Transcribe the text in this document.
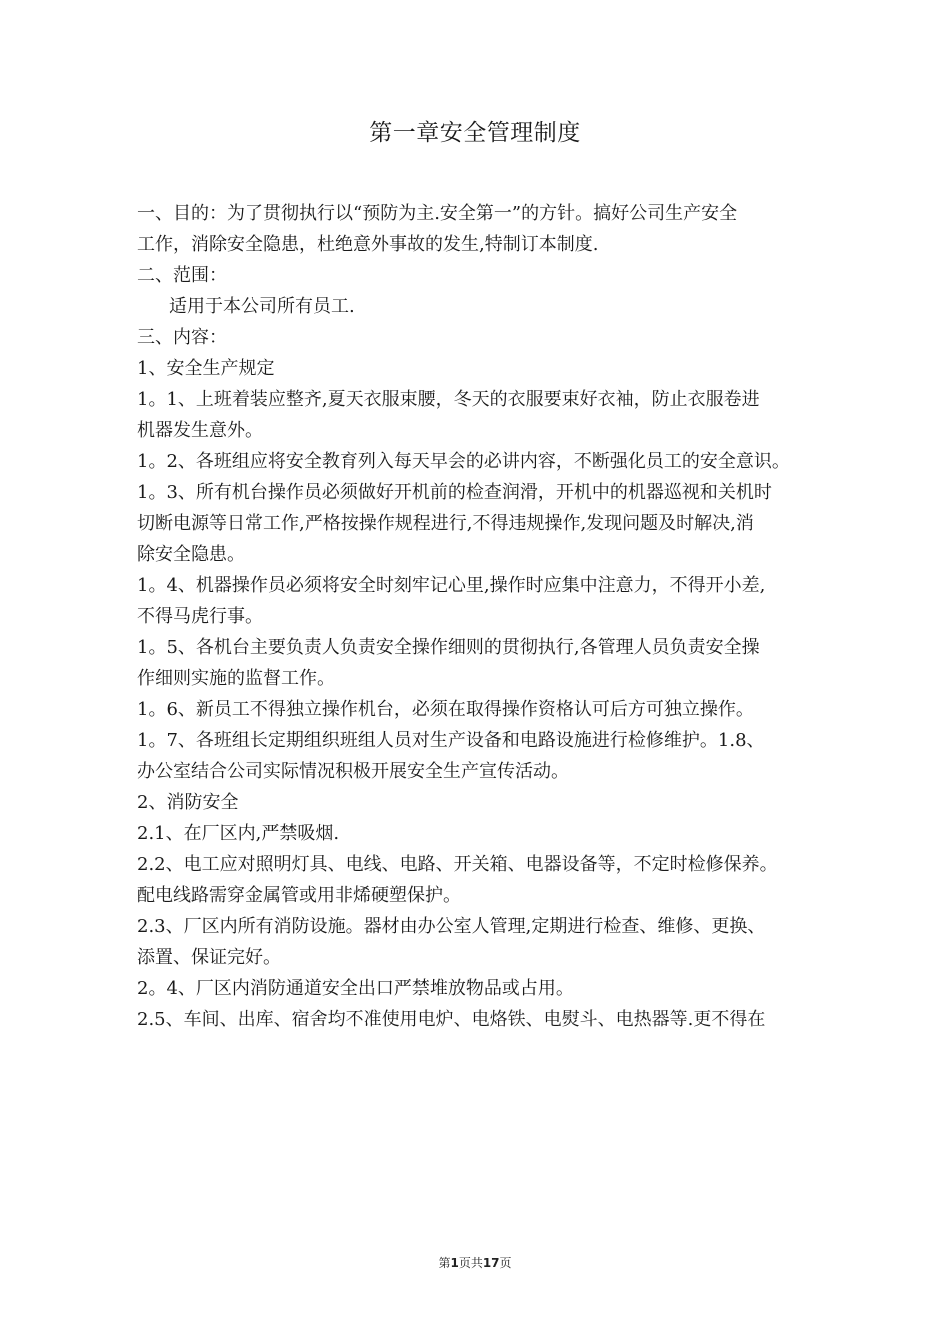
第一章安全管理制度
一、目的：为了贯彻执行以“预防为主.安全第一”的方针。搞好公司生产安全
工作，消除安全隐患，杜绝意外事故的发生,特制订本制度.
二、范围：
适用于本公司所有员工.
三、内容：
1、安全生产规定
1。1、上班着装应整齐,夏天衣服束腰，冬天的衣服要束好衣袖，防止衣服卷进
机器发生意外。
1。2、各班组应将安全教育列入每天早会的必讲内容，不断强化员工的安全意识。
1。3、所有机台操作员必须做好开机前的检查润滑，开机中的机器巡视和关机时
切断电源等日常工作,严格按操作规程进行,不得违规操作,发现问题及时解决,消
除安全隐患。
1。4、机器操作员必须将安全时刻牢记心里,操作时应集中注意力，不得开小差,
不得马虎行事。
1。5、各机台主要负责人负责安全操作细则的贯彻执行,各管理人员负责安全操
作细则实施的监督工作。
1。6、新员工不得独立操作机台，必须在取得操作资格认可后方可独立操作。
1。7、各班组长定期组织班组人员对生产设备和电路设施进行检修维护。1.8、
办公室结合公司实际情况积极开展安全生产宣传活动。
2、消防安全
2.1、在厂区内,严禁吸烟.
2.2、电工应对照明灯具、电线、电路、开关箱、电器设备等，不定时检修保养。
配电线路需穿金属管或用非烯硬塑保护。
2.3、厂区内所有消防设施。器材由办公室人管理,定期进行检查、维修、更换、
添置、保证完好。
2。4、厂区内消防通道安全出口严禁堆放物品或占用。
2.5、车间、出库、宿舍均不准使用电炉、电烙铁、电熨斗、电热器等.更不得在
第1页共17页
